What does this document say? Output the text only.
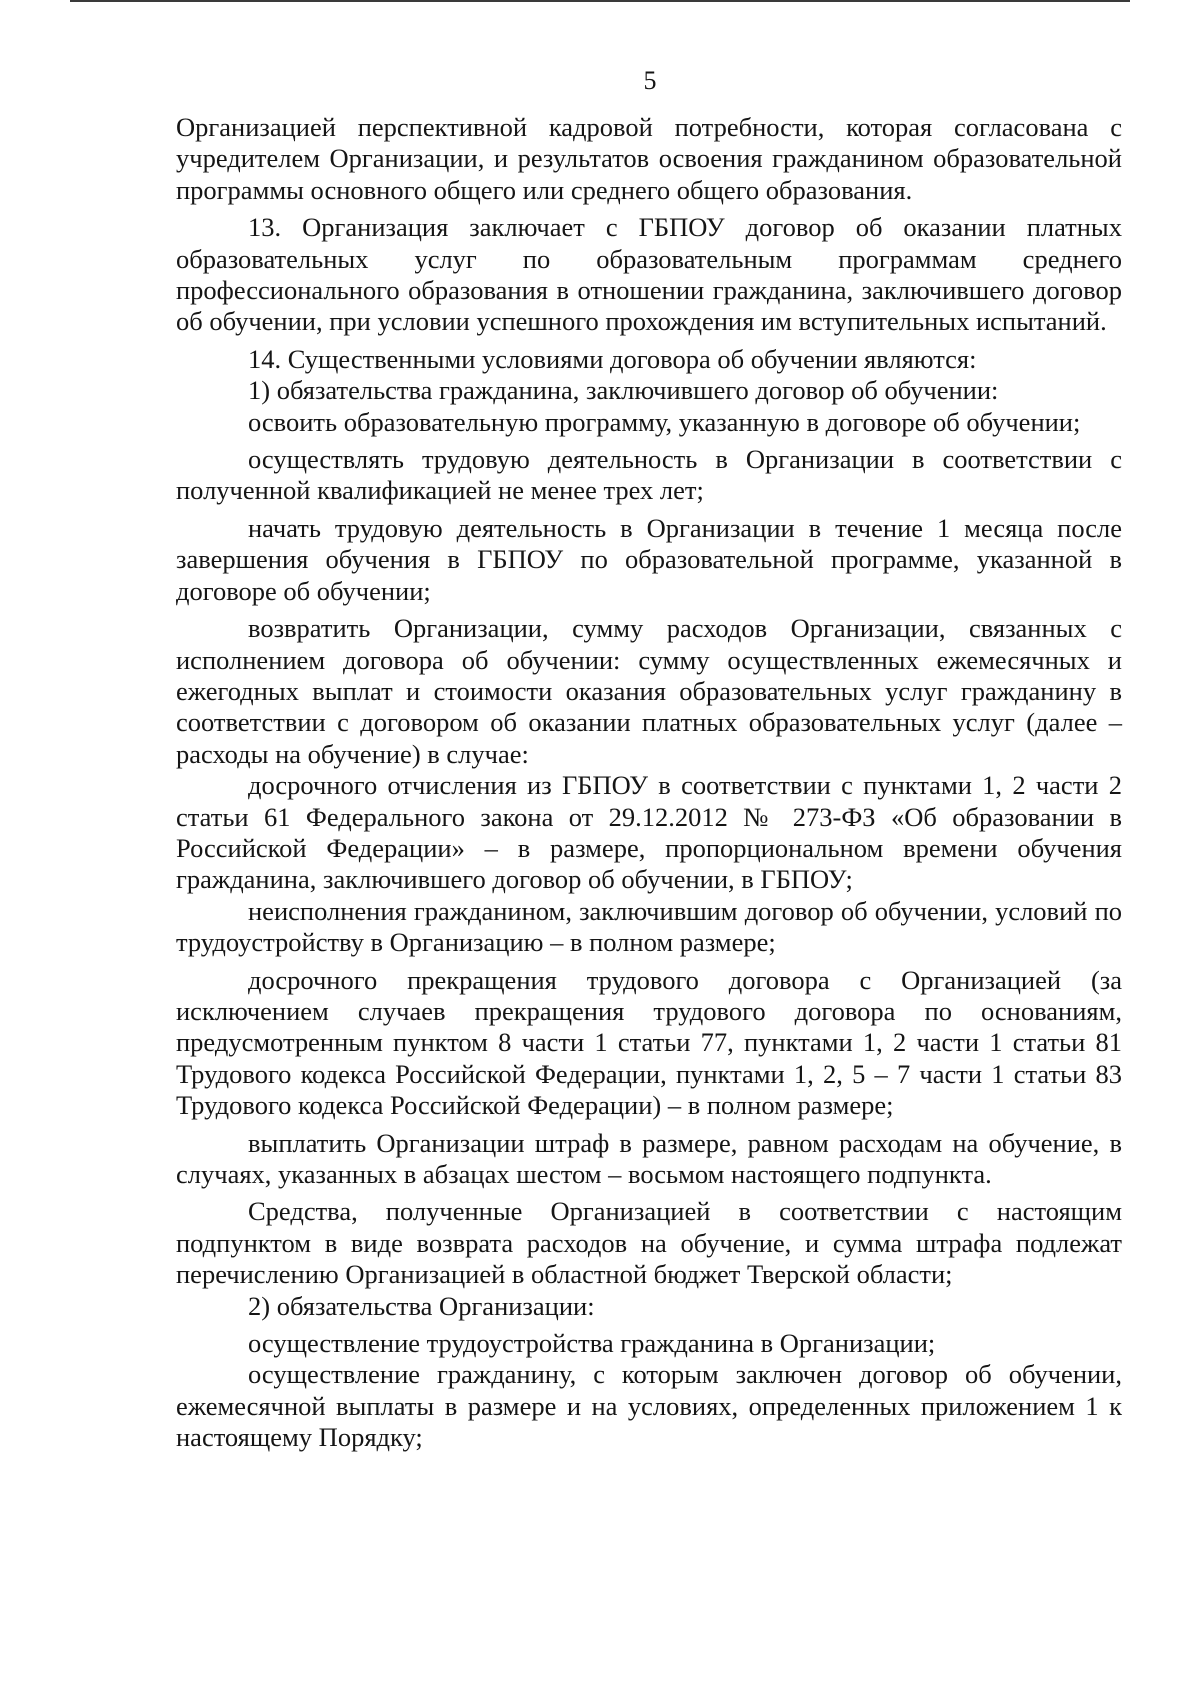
5

Организацией перспективной кадровой потребности, которая согласована с учредителем Организации, и результатов освоения гражданином образовательной программы основного общего или среднего общего образования.

13. Организация заключает с ГБПОУ договор об оказании платных образовательных услуг по образовательным программам среднего профессионального образования в отношении гражданина, заключившего договор об обучении, при условии успешного прохождения им вступительных испытаний.

14. Существенными условиями договора об обучении являются:

1) обязательства гражданина, заключившего договор об обучении:

освоить образовательную программу, указанную в договоре об обучении;

осуществлять трудовую деятельность в Организации в соответствии с полученной квалификацией не менее трех лет;

начать трудовую деятельность в Организации в течение 1 месяца после завершения обучения в ГБПОУ по образовательной программе, указанной в договоре об обучении;

возвратить Организации, сумму расходов Организации, связанных с исполнением договора об обучении: сумму осуществленных ежемесячных и ежегодных выплат и стоимости оказания образовательных услуг гражданину в соответствии с договором об оказании платных образовательных услуг (далее – расходы на обучение) в случае:

досрочного отчисления из ГБПОУ в соответствии с пунктами 1, 2 части 2 статьи 61 Федерального закона от 29.12.2012 № 273-ФЗ «Об образовании в Российской Федерации» – в размере, пропорциональном времени обучения гражданина, заключившего договор об обучении, в ГБПОУ;

неисполнения гражданином, заключившим договор об обучении, условий по трудоустройству в Организацию – в полном размере;

досрочного прекращения трудового договора с Организацией (за исключением случаев прекращения трудового договора по основаниям, предусмотренным пунктом 8 части 1 статьи 77, пунктами 1, 2 части 1 статьи 81 Трудового кодекса Российской Федерации, пунктами 1, 2, 5 – 7 части 1 статьи 83 Трудового кодекса Российской Федерации) – в полном размере;

выплатить Организации штраф в размере, равном расходам на обучение, в случаях, указанных в абзацах шестом – восьмом настоящего подпункта.

Средства, полученные Организацией в соответствии с настоящим подпунктом в виде возврата расходов на обучение, и сумма штрафа подлежат перечислению Организацией в областной бюджет Тверской области;

2) обязательства Организации:

осуществление трудоустройства гражданина в Организации;

осуществление гражданину, с которым заключен договор об обучении, ежемесячной выплаты в размере и на условиях, определенных приложением 1 к настоящему Порядку;
